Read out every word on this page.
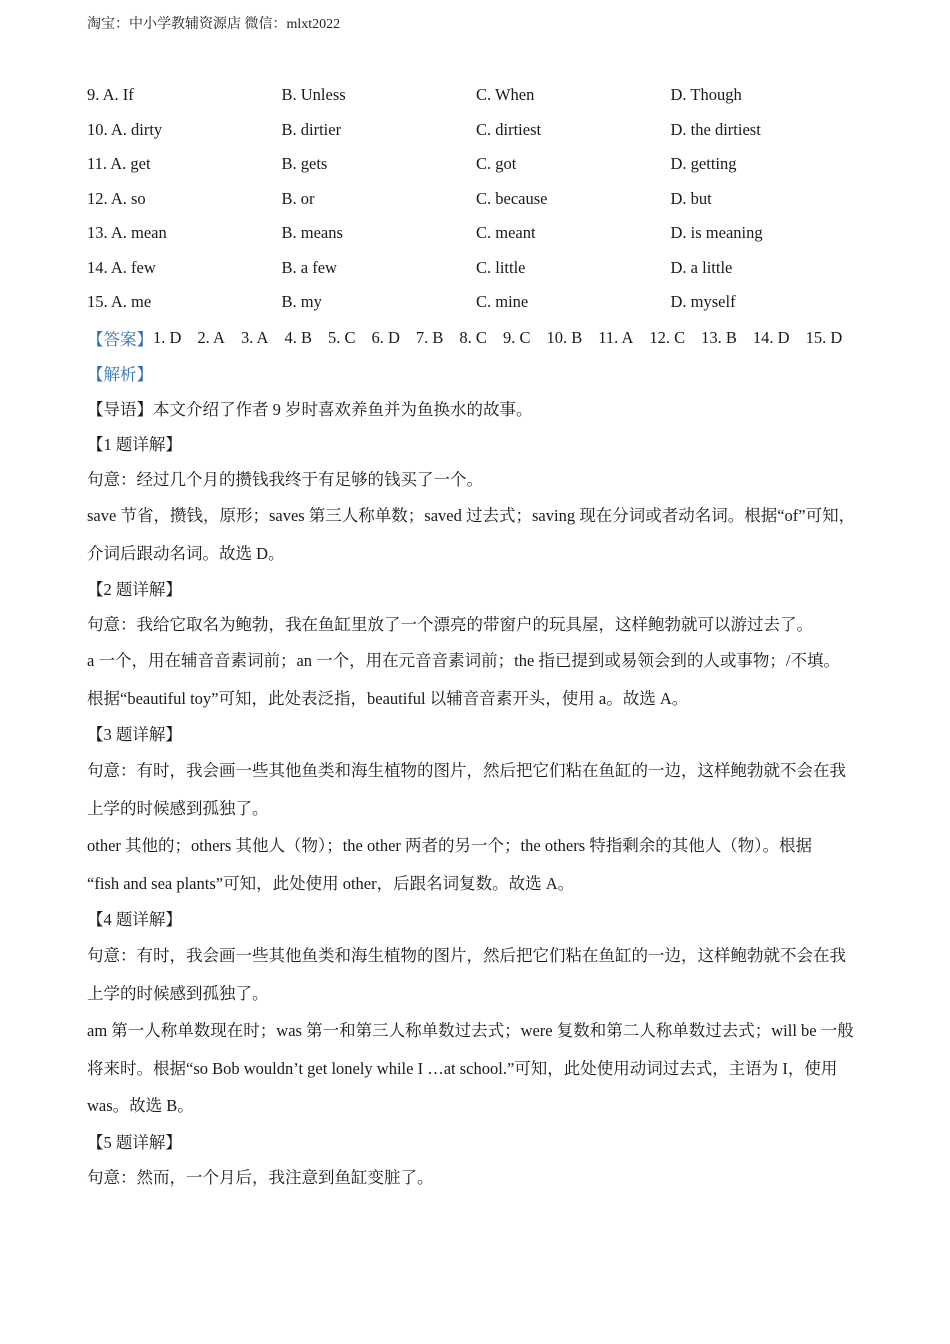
淘宝：中小学教辅资源店 微信：mlxt2022
9. A. If	B. Unless	C. When	D. Though
10. A. dirty	B. dirtier	C. dirtiest	D. the dirtiest
11. A. get	B. gets	C. got	D. getting
12. A. so	B. or	C. because	D. but
13. A. mean	B. means	C. meant	D. is meaning
14. A. few	B. a few	C. little	D. a little
15. A. me	B. my	C. mine	D. myself
【答案】 1. D 2. A 3. A 4. B 5. C 6. D 7. B 8. C 9. C 10. B 11. A 12. C 13. B 14. D 15. D
【解析】
【导语】本文介绍了作者 9 岁时喜欢养鱼并为鱼换水的故事。
【1 题详解】
句意：经过几个月的攒钱我终于有足够的钱买了一个。
save 节省，攒钱，原形；saves 第三人称单数；saved 过去式；saving 现在分词或者动名词。根据“of”可知，
介词后跟动名词。故选 D。
【2 题详解】
句意：我给它取名为鲍勃，我在鱼缸里放了一个漂亮的带窗户的玩具屋，这样鲍勃就可以游过去了。
a 一个，用在辅音音素词前；an 一个，用在元音音素词前；the 指已提到或易领会到的人或事物；/不填。
根据“beautiful toy”可知，此处表泛指，beautiful 以辅音音素开头，使用 a。故选 A。
【3 题详解】
句意：有时，我会画一些其他鱼类和海生植物的图片，然后把它们粘在鱼缸的一边，这样鲍勃就不会在我
上学的时候感到孤独了。
other 其他的；others 其他人（物）；the other 两者的另一个；the others 特指剩余的其他人（物）。根据
“fish and sea plants”可知，此处使用 other，后跟名词复数。故选 A。
【4 题详解】
句意：有时，我会画一些其他鱼类和海生植物的图片，然后把它们粘在鱼缸的一边，这样鲍勃就不会在我
上学的时候感到孤独了。
am 第一人称单数现在时；was 第一和第三人称单数过去式；were 复数和第二人称单数过去式；will be 一般
将来时。根据“so Bob wouldn’t get lonely while I …at school.”可知，此处使用动词过去式，主语为 I，使用
was。故选 B。
【5 题详解】
句意：然而，一个月后，我注意到鱼缸变脏了。
